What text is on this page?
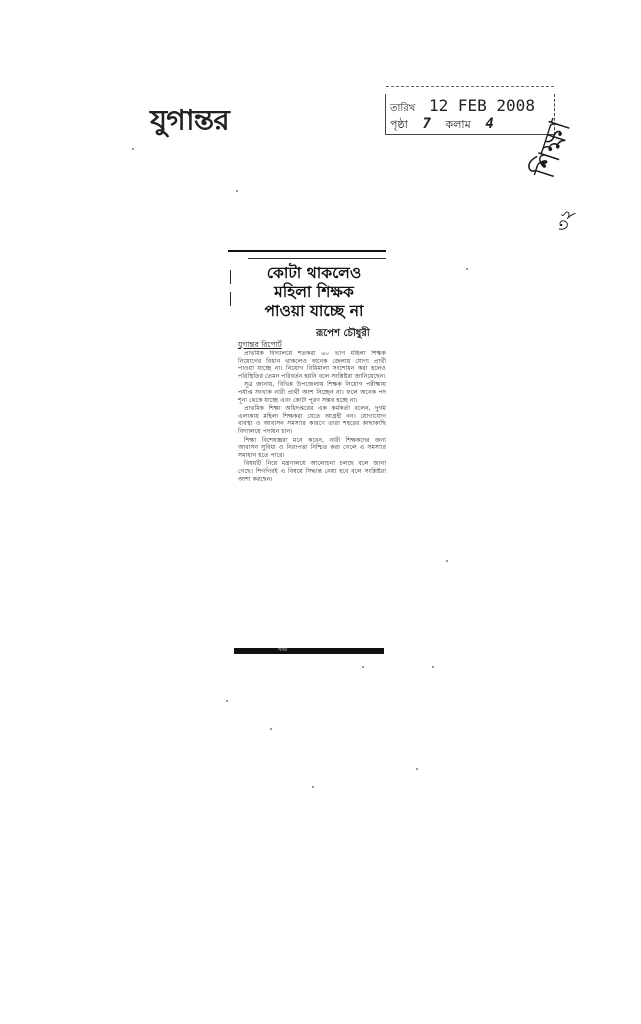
যুগান্তর	তারিখ 12 FEB 2008
পৃষ্ঠা 7 কলাম 4 শিক্ষা
৩২
কোটা থাকলেও
মহিলা শিক্ষক
পাওয়া যাচ্ছে না
রূপেশ চৌধুরী
যুগান্তর রিপোর্ট

প্রাথমিক বিদ্যালয়ে শতকরা ৬০ ভাগ মহিলা শিক্ষক নিয়োগের বিধান থাকলেও অনেক জেলায় যোগ্য প্রার্থী পাওয়া যাচ্ছে না। নিয়োগ বিধিমালা সংশোধন করা হলেও পরিস্থিতির তেমন পরিবর্তন হয়নি বলে সংশ্লিষ্টরা জানিয়েছেন।

সূত্র জানায়, বিভিন্ন উপজেলায় শিক্ষক নিয়োগ পরীক্ষায় পর্যাপ্ত সংখ্যক নারী প্রার্থী অংশ নিচ্ছেন না। ফলে অনেক পদ শূন্য থেকে যাচ্ছে এবং কোটা পূরণ সম্ভব হচ্ছে না।

প্রাথমিক শিক্ষা অধিদপ্তরের এক কর্মকর্তা বলেন, দুর্গম এলাকায় মহিলা শিক্ষকরা যেতে আগ্রহী নন। যোগাযোগ ব্যবস্থা ও আবাসন সমস্যার কারণে তারা শহরের কাছাকাছি বিদ্যালয়ে পদায়ন চান।

শিক্ষা বিশেষজ্ঞরা মনে করেন, নারী শিক্ষকদের জন্য আবাসন সুবিধা ও নিরাপত্তা নিশ্চিত করা গেলে এ সমস্যার সমাধান হতে পারে।

বিষয়টি নিয়ে মন্ত্রণালয়ে আলোচনা চলছে বলে জানা গেছে। শিগগিরই এ বিষয়ে সিদ্ধান্ত নেয়া হবে বলে সংশ্লিষ্টরা আশা করছেন।

খবর
